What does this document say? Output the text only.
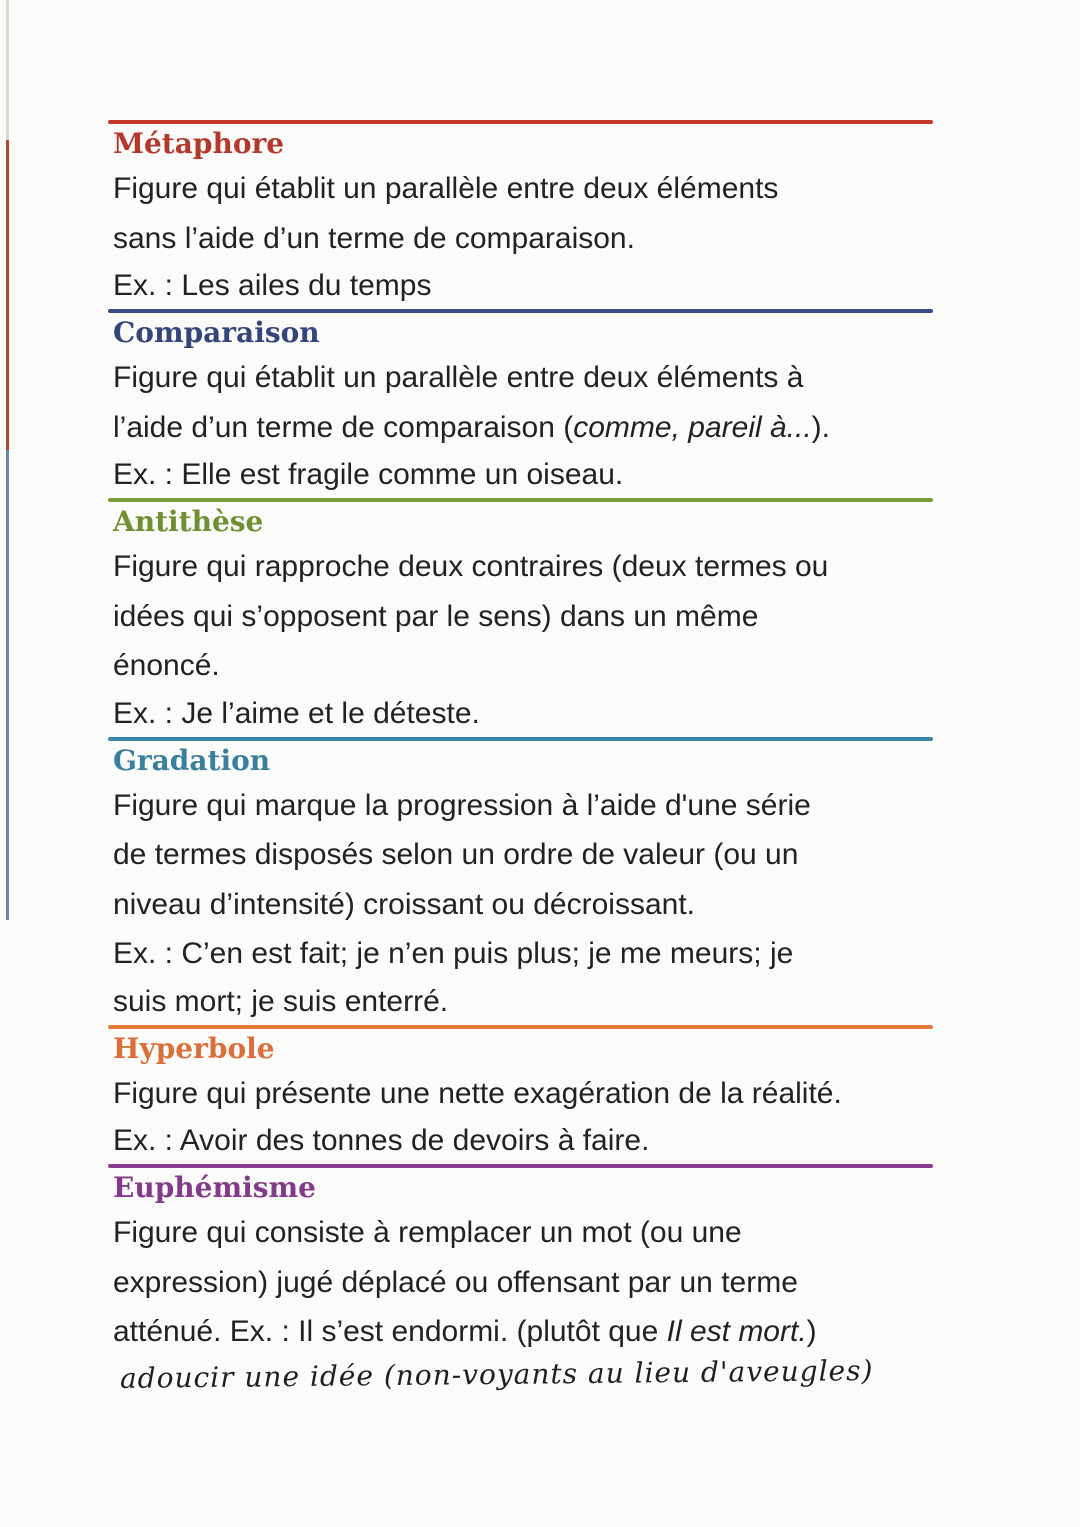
Métaphore

Figure qui établit un parallèle entre deux éléments

sans l’aide d’un terme de comparaison.

Ex. : Les ailes du temps

Comparaison

Figure qui établit un parallèle entre deux éléments à

l’aide d’un terme de comparaison (comme, pareil à...).

Ex. : Elle est fragile comme un oiseau.

Antithèse

Figure qui rapproche deux contraires (deux termes ou

idées qui s’opposent par le sens) dans un même

énoncé.

Ex. : Je l’aime et le déteste.

Gradation

Figure qui marque la progression à l’aide d'une série

de termes disposés selon un ordre de valeur (ou un

niveau d’intensité) croissant ou décroissant.

Ex. : C’en est fait; je n’en puis plus; je me meurs; je

suis mort; je suis enterré.

Hyperbole

Figure qui présente une nette exagération de la réalité.

Ex. : Avoir des tonnes de devoirs à faire.

Euphémisme

Figure qui consiste à remplacer un mot (ou une

expression) jugé déplacé ou offensant par un terme

atténué. Ex. : Il s’est endormi. (plutôt que Il est mort.)

adoucir une idée (non-voyants au lieu d'aveugles)
